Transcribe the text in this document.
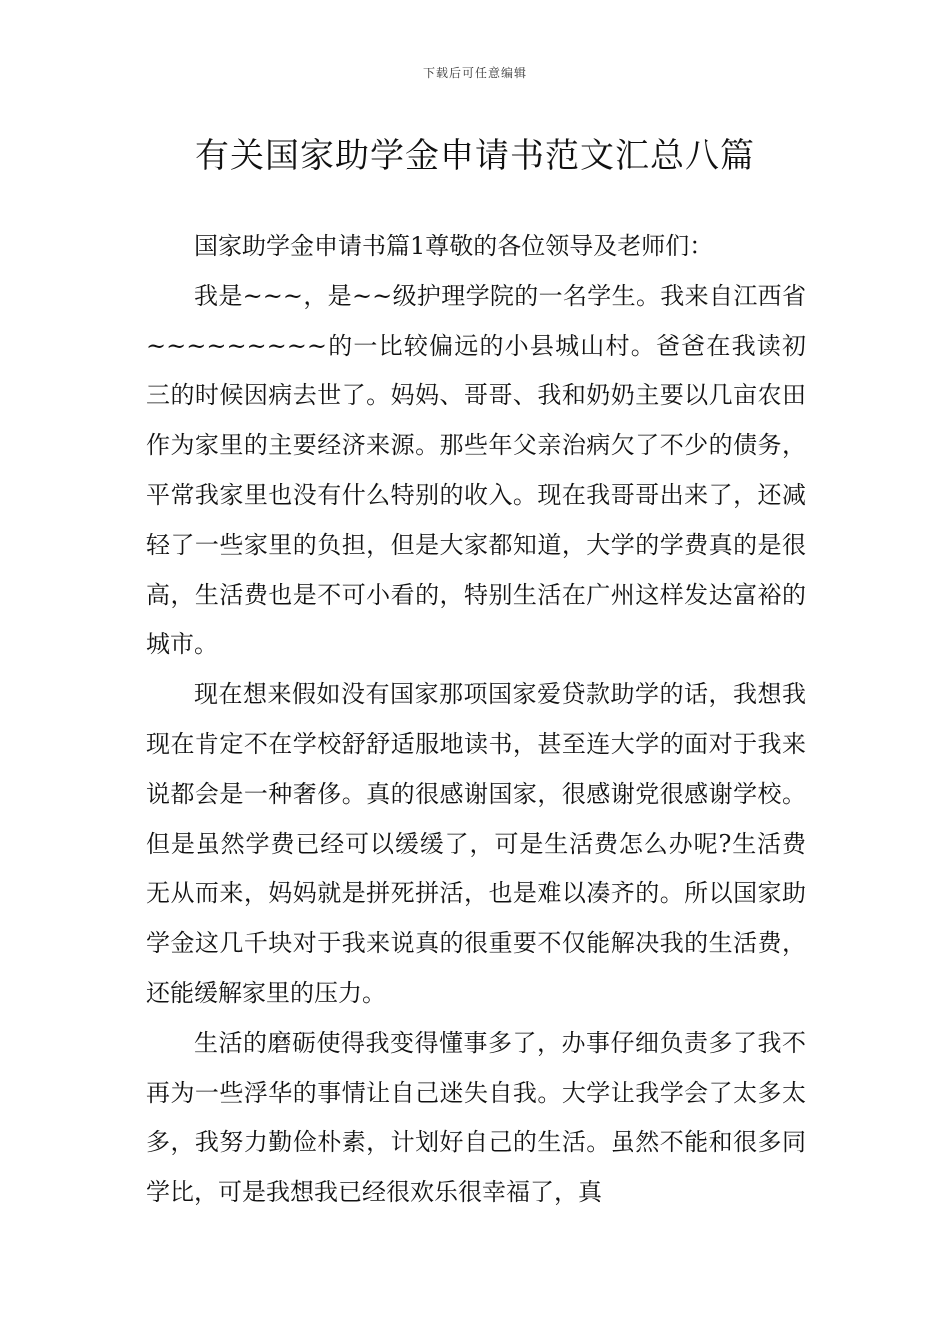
下载后可任意编辑
有关国家助学金申请书范文汇总八篇

国家助学金申请书篇1尊敬的各位领导及老师们：

我是~~~，是~~级护理学院的一名学生。我来自江西省~~~~~~~~~的一比较偏远的小县城山村。爸爸在我读初三的时候因病去世了。妈妈、哥哥、我和奶奶主要以几亩农田作为家里的主要经济来源。那些年父亲治病欠了不少的债务，平常我家里也没有什么特别的收入。现在我哥哥出来了，还减轻了一些家里的负担，但是大家都知道，大学的学费真的是很高，生活费也是不可小看的，特别生活在广州这样发达富裕的城市。

现在想来假如没有国家那项国家爱贷款助学的话，我想我现在肯定不在学校舒舒适服地读书，甚至连大学的面对于我来说都会是一种奢侈。真的很感谢国家，很感谢党很感谢学校。但是虽然学费已经可以缓缓了，可是生活费怎么办呢?生活费无从而来，妈妈就是拼死拼活，也是难以凑齐的。所以国家助学金这几千块对于我来说真的很重要不仅能解决我的生活费，还能缓解家里的压力。

生活的磨砺使得我变得懂事多了，办事仔细负责多了我不再为一些浮华的事情让自己迷失自我。大学让我学会了太多太多，我努力勤俭朴素，计划好自己的生活。虽然不能和很多同学比，可是我想我已经很欢乐很幸福了，真
